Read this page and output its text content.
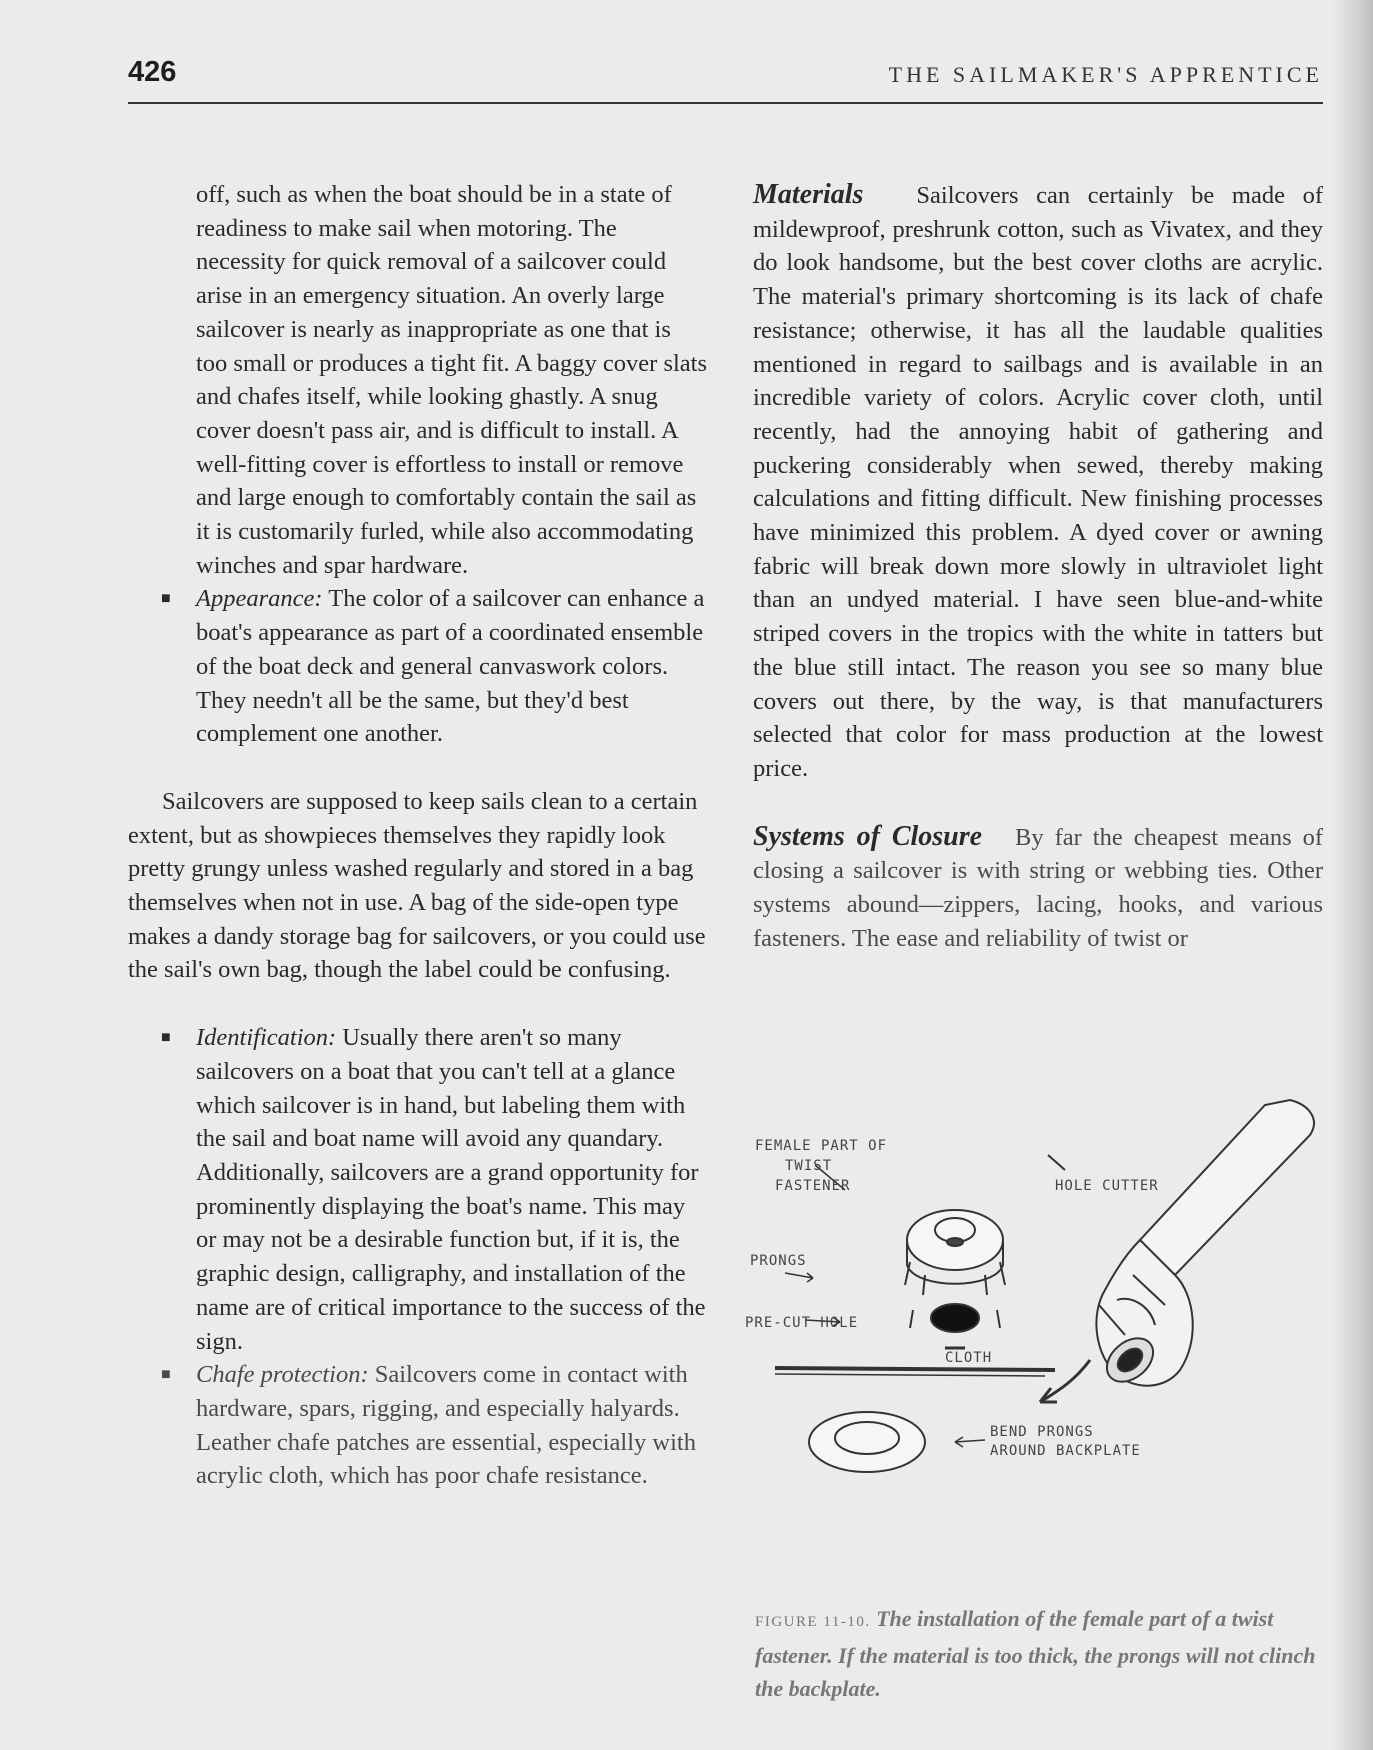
426	THE SAILMAKER'S APPRENTICE

off, such as when the boat should be in a state of readiness to make sail when motoring. The necessity for quick removal of a sailcover could arise in an emergency situation. An overly large sailcover is nearly as inappropriate as one that is too small or produces a tight fit. A baggy cover slats and chafes itself, while looking ghastly. A snug cover doesn't pass air, and is difficult to install. A well-fitting cover is effortless to install or remove and large enough to comfortably contain the sail as it is customarily furled, while also accommodating winches and spar hardware.

■ Appearance: The color of a sailcover can enhance a boat's appearance as part of a coordinated ensemble of the boat deck and general canvaswork colors. They needn't all be the same, but they'd best complement one another.

Sailcovers are supposed to keep sails clean to a certain extent, but as showpieces themselves they rapidly look pretty grungy unless washed regularly and stored in a bag themselves when not in use. A bag of the side-open type makes a dandy storage bag for sailcovers, or you could use the sail's own bag, though the label could be confusing.

■ Identification: Usually there aren't so many sailcovers on a boat that you can't tell at a glance which sailcover is in hand, but labeling them with the sail and boat name will avoid any quandary. Additionally, sailcovers are a grand opportunity for prominently displaying the boat's name. This may or may not be a desirable function but, if it is, the graphic design, calligraphy, and installation of the name are of critical importance to the success of the sign.

■ Chafe protection: Sailcovers come in contact with hardware, spars, rigging, and especially halyards. Leather chafe patches are essential, especially with acrylic cloth, which has poor chafe resistance.

Materials Sailcovers can certainly be made of mildewproof, preshrunk cotton, such as Vivatex, and they do look handsome, but the best cover cloths are acrylic. The material's primary shortcoming is its lack of chafe resistance; otherwise, it has all the laudable qualities mentioned in regard to sailbags and is available in an incredible variety of colors. Acrylic cover cloth, until recently, had the annoying habit of gathering and puckering considerably when sewed, thereby making calculations and fitting difficult. New finishing processes have minimized this problem. A dyed cover or awning fabric will break down more slowly in ultraviolet light than an undyed material. I have seen blue-and-white striped covers in the tropics with the white in tatters but the blue still intact. The reason you see so many blue covers out there, by the way, is that manufacturers selected that color for mass production at the lowest price.

Systems of Closure By far the cheapest means of closing a sailcover is with string or webbing ties. Other systems abound—zippers, lacing, hooks, and various fasteners. The ease and reliability of twist or

HOLE CUTTER
FEMALE PART OF
TWIST
FASTENER
PRONGS
PRE-CUT HOLE
CLOTH
BEND PRONGS
AROUND BACKPLATE
FIGURE 11-10. The installation of the female part of a twist fastener. If the material is too thick, the prongs will not clinch the backplate.
